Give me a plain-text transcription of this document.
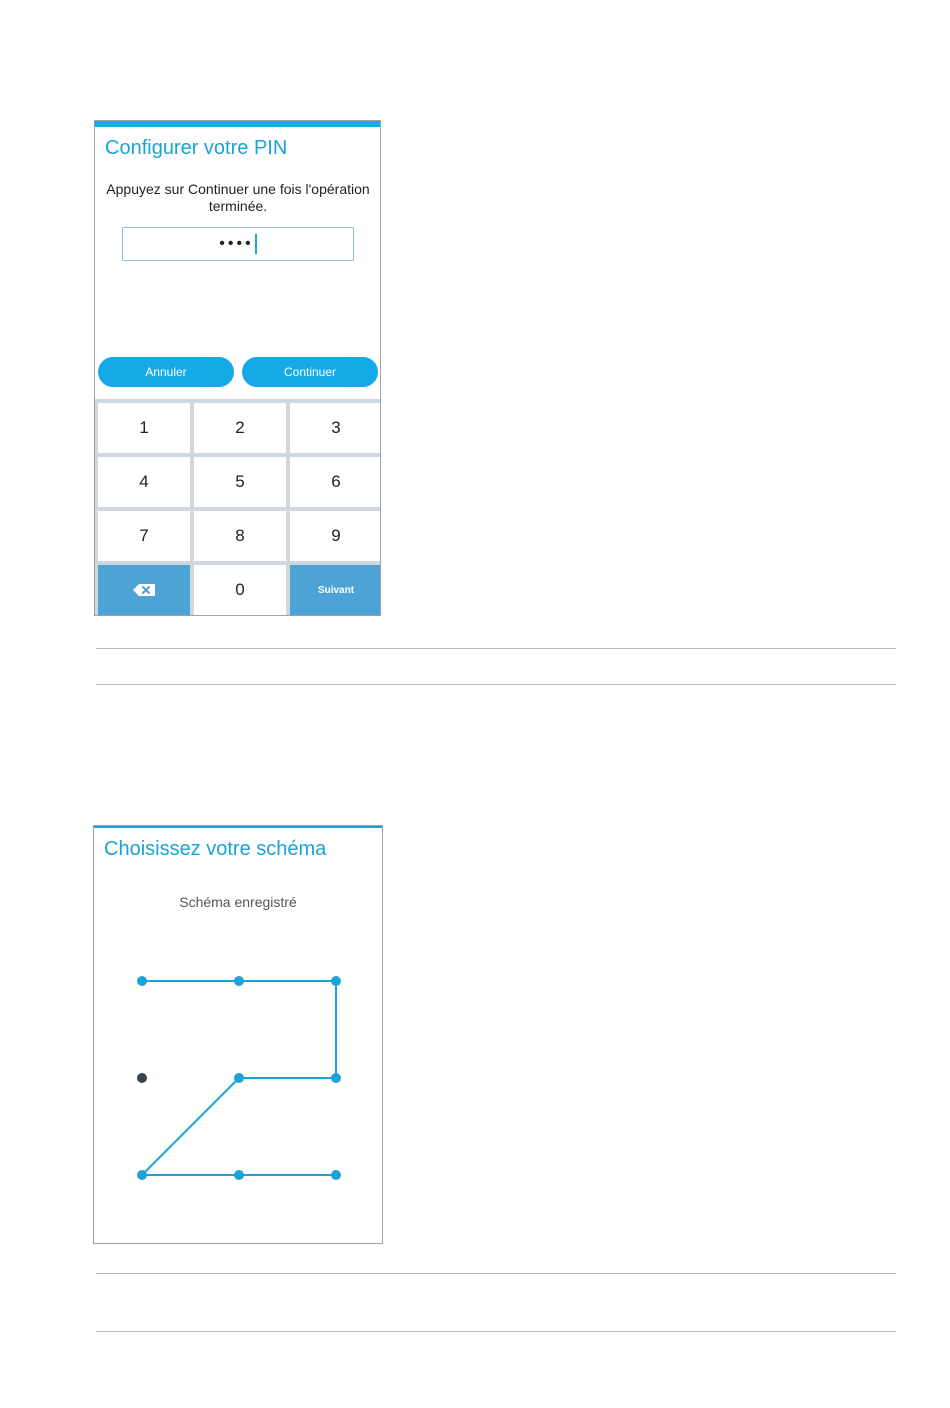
Configurer votre PIN
Appuyez sur Continuer une fois l'opération terminée.
••••
Annuler	Continuer
1	2	3
4	5	6
7	8	9
0	Suivant
Choisissez votre schéma
Schéma enregistré
